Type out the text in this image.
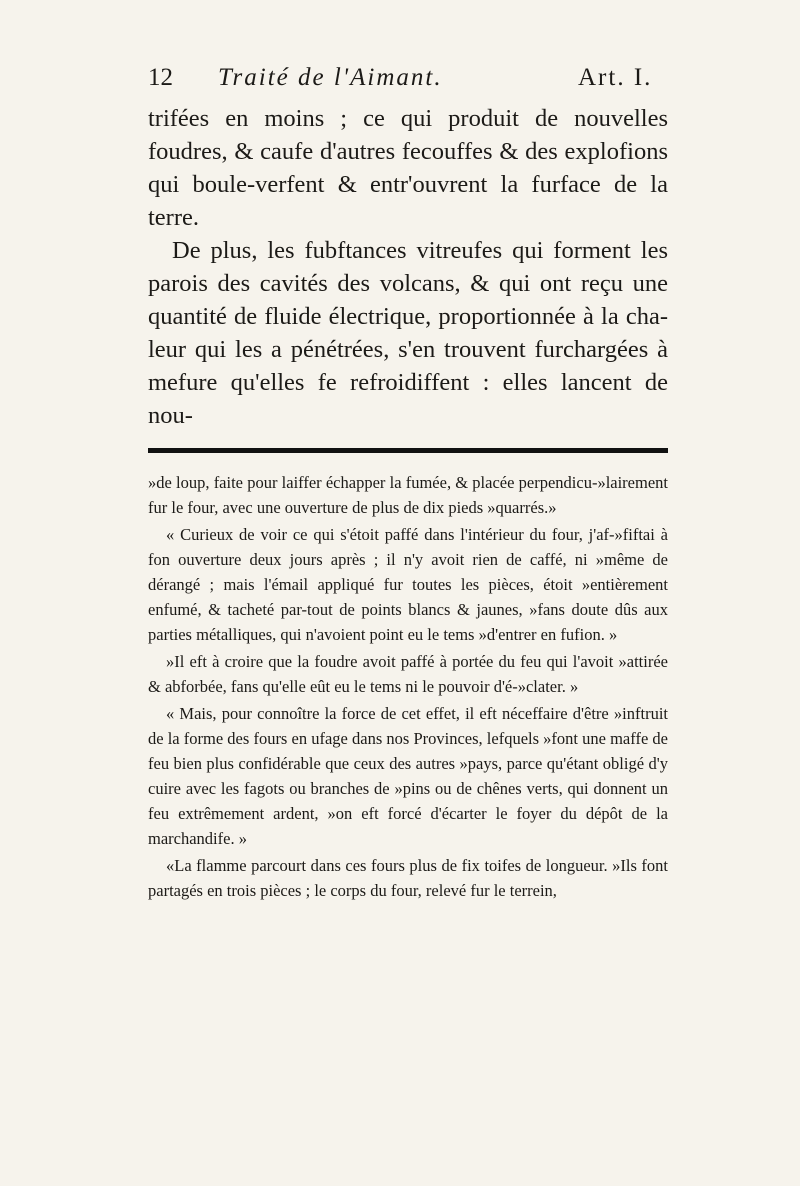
12 Traité de l'Aimant.	Art. I.

trifées en moins ; ce qui produit de nouvelles foudres, & caufe d'autres fecouffes & des explofions qui boule-verfent & entr'ouvrent la furface de la terre.

De plus, les fubftances vitreufes qui forment les parois des cavités des volcans, & qui ont reçu une quantité de fluide électrique, proportionnée à la cha-leur qui les a pénétrées, s'en trouvent furchargées à mefure qu'elles fe refroidiffent : elles lancent de nou-

»de loup, faite pour laiffer échapper la fumée, & placée perpendicu-»lairement fur le four, avec une ouverture de plus de dix pieds »quarrés.»

« Curieux de voir ce qui s'étoit paffé dans l'intérieur du four, j'af-»fiftai à fon ouverture deux jours après ; il n'y avoit rien de caffé, ni »même de dérangé ; mais l'émail appliqué fur toutes les pièces, étoit »entièrement enfumé, & tacheté par-tout de points blancs & jaunes, »fans doute dûs aux parties métalliques, qui n'avoient point eu le tems »d'entrer en fufion. »

»Il eft à croire que la foudre avoit paffé à portée du feu qui l'avoit »attirée & abforbée, fans qu'elle eût eu le tems ni le pouvoir d'é-»clater. »

« Mais, pour connoître la force de cet effet, il eft néceffaire d'être »inftruit de la forme des fours en ufage dans nos Provinces, lefquels »font une maffe de feu bien plus confidérable que ceux des autres »pays, parce qu'étant obligé d'y cuire avec les fagots ou branches de »pins ou de chênes verts, qui donnent un feu extrêmement ardent, »on eft forcé d'écarter le foyer du dépôt de la marchandife. »

«La flamme parcourt dans ces fours plus de fix toifes de longueur. »Ils font partagés en trois pièces ; le corps du four, relevé fur le terrein,
